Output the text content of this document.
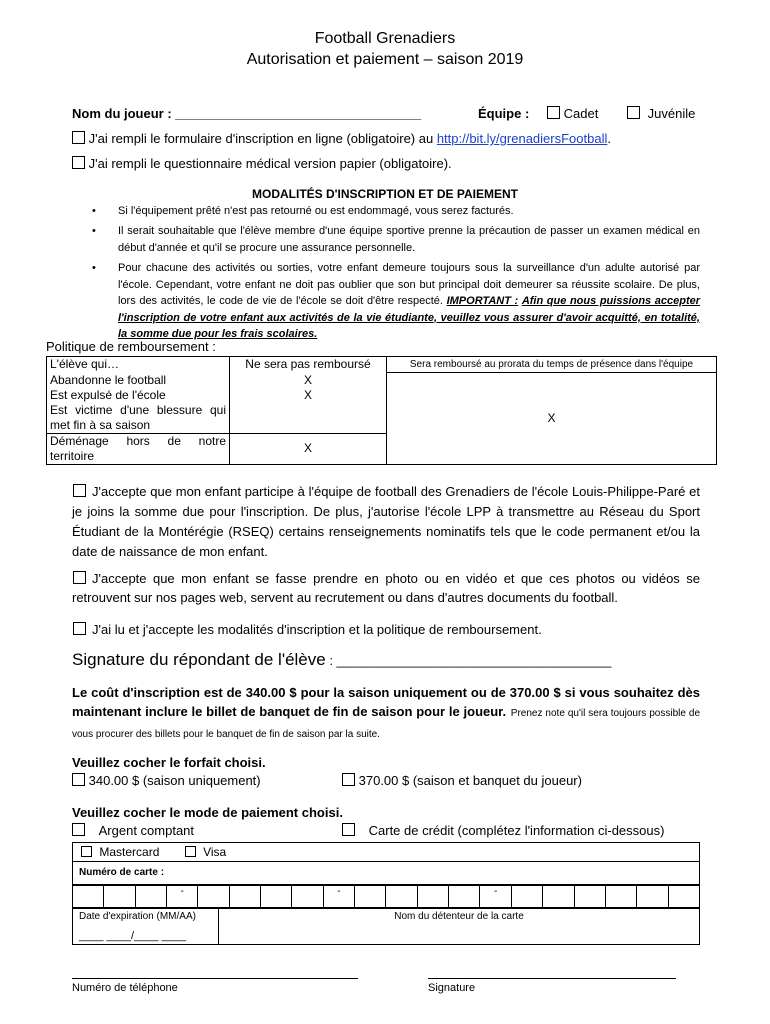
Football Grenadiers
Autorisation et paiement – saison 2019
Nom du joueur : __________________________________	Équipe :	Cadet	Juvénile
J'ai rempli le formulaire d'inscription en ligne (obligatoire) au http://bit.ly/grenadiersFootball.
J'ai rempli le questionnaire médical version papier (obligatoire).
MODALITÉS D'INSCRIPTION ET DE PAIEMENT
• Si l'équipement prêté n'est pas retourné ou est endommagé, vous serez facturés.
• Il serait souhaitable que l'élève membre d'une équipe sportive prenne la précaution de passer un examen médical en début d'année et qu'il se procure une assurance personnelle.
• Pour chacune des activités ou sorties, votre enfant demeure toujours sous la surveillance d'un adulte autorisé par l'école. Cependant, votre enfant ne doit pas oublier que son but principal doit demeurer sa réussite scolaire. De plus, lors des activités, le code de vie de l'école se doit d'être respecté. IMPORTANT : Afin que nous puissions accepter l'inscription de votre enfant aux activités de la vie étudiante, veuillez vous assurer d'avoir acquitté, en totalité, la somme due pour les frais scolaires.
Politique de remboursement :
L'élève qui…	Ne sera pas remboursé	Sera remboursé au prorata du temps de présence dans l'équipe
Abandonne le football	X	X
Est expulsé de l'école	X	
Est victime d'une blessure qui met fin à sa saison		
Déménage hors de notre territoire	X	
J'accepte que mon enfant participe à l'équipe de football des Grenadiers de l'école Louis-Philippe-Paré et je joins la somme due pour l'inscription. De plus, j'autorise l'école LPP à transmettre au Réseau du Sport Étudiant de la Montérégie (RSEQ) certains renseignements nominatifs tels que le code permanent et/ou la date de naissance de mon enfant.
J'accepte que mon enfant se fasse prendre en photo ou en vidéo et que ces photos ou vidéos se retrouvent sur nos pages web, servent au recrutement ou dans d'autres documents du football.
J'ai lu et j'accepte les modalités d'inscription et la politique de remboursement.
Signature du répondant de l'élève : ______________________________________
Le coût d'inscription est de 340.00 $ pour la saison uniquement ou de 370.00 $ si vous souhaitez dès maintenant inclure le billet de banquet de fin de saison pour le joueur. Prenez note qu'il sera toujours possible de vous procurer des billets pour le banquet de fin de saison par la suite.
Veuillez cocher le forfait choisi.
340.00 $ (saison uniquement)	370.00 $ (saison et banquet du joueur)
Veuillez cocher le mode de paiement choisi.
Argent comptant	Carte de crédit (complétez l'information ci-dessous)
Mastercard	Visa
Numéro de carte :
			-					-					-						
Date d'expiration (MM/AA)
____ ____/____ ____
	Nom du détenteur de la carte
Numéro de téléphone	Signature
